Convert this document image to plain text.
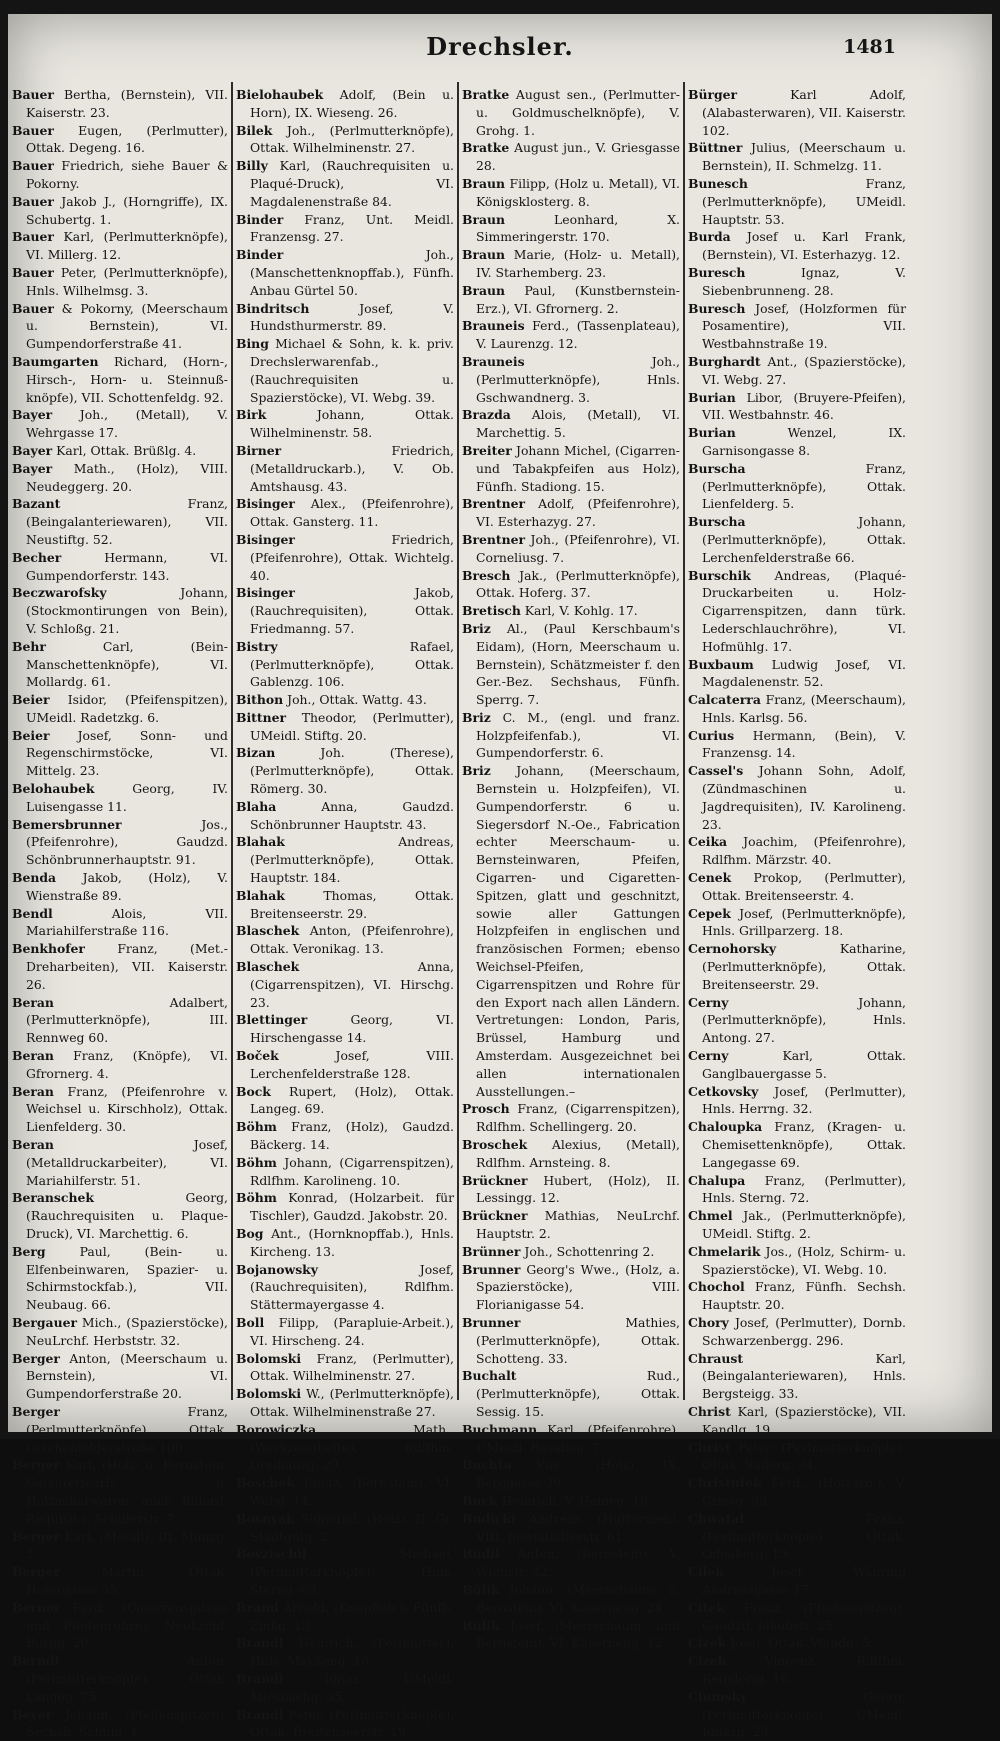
Drechsler.	1481

Bauer Bertha, (Bernstein), VII. Kaiserstr. 23.

Bauer Eugen, (Perlmutter), Ottak. Degeng. 16.

Bauer Friedrich, siehe Bauer & Pokorny.

Bauer Jakob J., (Horngriffe), IX. Schubertg. 1.

Bauer Karl, (Perlmutterknöpfe), VI. Millerg. 12.

Bauer Peter, (Perlmutterknöpfe), Hnls. Wilhelmsg. 3.

Bauer & Pokorny, (Meerschaum u. Bernstein), VI. Gumpendorferstraße 41.

Baumgarten Richard, (Horn-, Hirsch-, Horn- u. Steinnuß-knöpfe), VII. Schottenfeldg. 92.

Bayer Joh., (Metall), V. Wehrgasse 17.

Bayer Karl, Ottak. Brüßlg. 4.

Bayer Math., (Holz), VIII. Neudeggerg. 20.

Bazant Franz, (Beingalanteriewaren), VII. Neustiftg. 52.

Becher Hermann, VI. Gumpendorferstr. 143.

Beczwarofsky Johann, (Stockmontirungen von Bein), V. Schloßg. 21.

Behr Carl, (Bein-Manschettenknöpfe), VI. Mollardg. 61.

Beier Isidor, (Pfeifenspitzen), UMeidl. Radetzkg. 6.

Beier Josef, Sonn- und Regenschirmstöcke, VI. Mittelg. 23.

Belohaubek Georg, IV. Luisengasse 11.

Bemersbrunner Jos., (Pfeifenrohre), Gaudzd. Schönbrunnerhauptstr. 91.

Benda Jakob, (Holz), V. Wienstraße 89.

Bendl Alois, VII. Mariahilferstraße 116.

Benkhofer Franz, (Met.-Dreharbeiten), VII. Kaiserstr. 26.

Beran Adalbert, (Perlmutterknöpfe), III. Rennweg 60.

Beran Franz, (Knöpfe), VI. Gfrornerg. 4.

Beran Franz, (Pfeifenrohre v. Weichsel u. Kirschholz), Ottak. Lienfelderg. 30.

Beran Josef, (Metalldruckarbeiter), VI. Mariahilferstr. 51.

Beranschek Georg, (Rauchrequisiten u. Plaque-Druck), VI. Marchettig. 6.

Berg Paul, (Bein- u. Elfenbeinwaren, Spazier- u. Schirmstockfab.), VII. Neubaug. 66.

Bergauer Mich., (Spazierstöcke), NeuLrchf. Herbststr. 32.

Berger Anton, (Meerschaum u. Bernstein), VI. Gumpendorferstraße 20.

Berger Franz, (Perlmutterknöpfe), Ottak. Lerchenfelderstraße 100.

Berger Karl, (Holz- u. Bernstein-Galanteriearb. u. Holzachatwaren, auch Billard-Requisit.), Schulerstr. 7.

Berger Karl, (Metall), III. Münzg. 3.

Berger Martin, Ottak. Hofergasse 35.

Berner Ferd., (Cigarrenspitzen und Pfeifenrohre), NeuLrchf. Burgg. 20.

Berndt Anton, (Perlmutterknöpfe), Ottak. Langeg. 75.

Beyer Johann, (Pfeifenspitzen), Sechsh. Schulg. 1.

Bielohaubek Adolf, (Bein u. Horn), IX. Wieseng. 26.

Bilek Joh., (Perlmutterknöpfe), Ottak. Wilhelminenstr. 27.

Billy Karl, (Rauchrequisiten u. Plaqué-Druck), VI. Magdalenenstraße 84.

Binder Franz, Unt. Meidl. Franzensg. 27.

Binder Joh., (Manschettenknopffab.), Fünfh. Anbau Gürtel 50.

Bindritsch Josef, V. Hundsthurmerstr. 89.

Bing Michael & Sohn, k. k. priv. Drechslerwarenfab., (Rauchrequisiten u. Spazierstöcke), VI. Webg. 39.

Birk Johann, Ottak. Wilhelminenstr. 58.

Birner Friedrich, (Metalldruckarb.), V. Ob. Amtshausg. 43.

Bisinger Alex., (Pfeifenrohre), Ottak. Gansterg. 11.

Bisinger Friedrich, (Pfeifenrohre), Ottak. Wichtelg. 40.

Bisinger Jakob, (Rauchrequisiten), Ottak. Friedmanng. 57.

Bistry Rafael, (Perlmutterknöpfe), Ottak. Gablenzg. 106.

Bithon Joh., Ottak. Wattg. 43.

Bittner Theodor, (Perlmutter), UMeidl. Stiftg. 20.

Bizan Joh. (Therese), (Perlmutterknöpfe), Ottak. Römerg. 30.

Blaha Anna, Gaudzd. Schönbrunner Hauptstr. 43.

Blahak Andreas, (Perlmutterknöpfe), Ottak. Hauptstr. 184.

Blahak Thomas, Ottak. Breitenseerstr. 29.

Blaschek Anton, (Pfeifenrohre), Ottak. Veronikag. 13.

Blaschek Anna, (Cigarrenspitzen), VI. Hirschg. 23.

Blettinger Georg, VI. Hirschengasse 14.

Boček Josef, VIII. Lerchenfelderstraße 128.

Bock Rupert, (Holz), Ottak. Langeg. 69.

Böhm Franz, (Holz), Gaudzd. Bäckerg. 14.

Böhm Johann, (Cigarrenspitzen), Rdlfhm. Karolineng. 10.

Böhm Konrad, (Holzarbeit. für Tischler), Gaudzd. Jakobstr. 20.

Bog Ant., (Hornknopffab.), Hnls. Kircheng. 13.

Bojanowsky Josef, (Rauchrequisiten), Rdlfhm. Stättermayergasse 4.

Boll Filipp, (Parapluie-Arbeit.), VI. Hirscheng. 24.

Bolomski Franz, (Perlmutter), Ottak. Wilhelminenstr. 27.

Bolomski W., (Perlmutterknöpfe), Ottak. Wilhelminenstraße 27.

Borowiczka Math., (Werkzeughefte), Rdlfhm. Dreihausg. 29.

Boschek Ignaz, (Bernstein), VI. Webg. 14.

Bosnyak Sigmund, (Holz), II. Gr. Stadtgutg. 2.

Bovzischil Michael, (Perlmutterknöpfe), Hnls. Sterng. 68.

Brand Arnold, (Knopffab.), Fünfh. Zinkg. 13.

Brandl Heinrich, (Perlmutter), Hnls. Mayßeng. 16.

Brandl Ignaz, UMeidl. Miesbachg. 35.

Brandl Peter, (Perlmutterknöpfe), Ottak. Breitenseerstr. 19.

Bratke August sen., (Perlmutter- u. Goldmuschelknöpfe), V. Grohg. 1.

Bratke August jun., V. Griesgasse 28.

Braun Filipp, (Holz u. Metall), VI. Königsklosterg. 8.

Braun Leonhard, X. Simmeringerstr. 170.

Braun Marie, (Holz- u. Metall), IV. Starhemberg. 23.

Braun Paul, (Kunstbernstein-Erz.), VI. Gfrornerg. 2.

Brauneis Ferd., (Tassenplateau), V. Laurenzg. 12.

Brauneis Joh., (Perlmutterknöpfe), Hnls. Gschwandnerg. 3.

Brazda Alois, (Metall), VI. Marchettig. 5.

Breiter Johann Michel, (Cigarren- und Tabakpfeifen aus Holz), Fünfh. Stadiong. 15.

Brentner Adolf, (Pfeifenrohre), VI. Esterhazyg. 27.

Brentner Joh., (Pfeifenrohre), VI. Corneliusg. 7.

Bresch Jak., (Perlmutterknöpfe), Ottak. Hoferg. 37.

Bretisch Karl, V. Kohlg. 17.

Briz Al., (Paul Kerschbaum's Eidam), (Horn, Meerschaum u. Bernstein), Schätzmeister f. den Ger.-Bez. Sechshaus, Fünfh. Sperrg. 7.

Briz C. M., (engl. und franz. Holzpfeifenfab.), VI. Gumpendorferstr. 6.

Briz Johann, (Meerschaum, Bernstein u. Holzpfeifen), VI. Gumpendorferstr. 6 u. Siegersdorf N.-Oe., Fabrication echter Meerschaum- u. Bernsteinwaren, Pfeifen, Cigarren- und Cigaretten-Spitzen, glatt und geschnitzt, sowie aller Gattungen Holzpfeifen in englischen und französischen Formen; ebenso Weichsel-Pfeifen, Cigarrenspitzen und Rohre für den Export nach allen Ländern. Vertretungen: London, Paris, Brüssel, Hamburg und Amsterdam. Ausgezeichnet bei allen internationalen Ausstellungen.–

Prosch Franz, (Cigarrenspitzen), Rdlfhm. Schellingerg. 20.

Broschek Alexius, (Metall), Rdlfhm. Arnsteing. 8.

Brückner Hubert, (Holz), II. Lessingg. 12.

Brückner Mathias, NeuLrchf. Hauptstr. 2.

Brünner Joh., Schottenring 2.

Brunner Georg's Wwe., (Holz, a. Spazierstöcke), VIII. Florianigasse 54.

Brunner Mathies, (Perlmutterknöpfe), Ottak. Schotteng. 33.

Buchalt Rud., (Perlmutterknöpfe), Ottak. Sessig. 15.

Buchmann Karl, (Pfeifenrohre), UMeidl. Rosaliag. 7.

Buchta Vinc., (Holz), IX. Berggasse 39.

Buck Heinrich, V. Heineg. 18.

Budicki Andreas, (Hutformen), VIII. Josefstädterstr. 61.

Budil Anton, (Bernstein), V. Wienstr. 32.

Bülik Johann, (Meerschaum- u. Bernstein), VI. Kaserneng. 24.

Bülik Josef, (Meerschaum- und Bernstein), VI. Kaserneng. 12.

Bürger Karl Adolf, (Alabasterwaren), VII. Kaiserstr. 102.

Büttner Julius, (Meerschaum u. Bernstein), II. Schmelzg. 11.

Bunesch Franz, (Perlmutterknöpfe), UMeidl. Hauptstr. 53.

Burda Josef u. Karl Frank, (Bernstein), VI. Esterhazyg. 12.

Buresch Ignaz, V. Siebenbrunneng. 28.

Buresch Josef, (Holzformen für Posamentire), VII. Westbahnstraße 19.

Burghardt Ant., (Spazierstöcke), VI. Webg. 27.

Burian Libor, (Bruyere-Pfeifen), VII. Westbahnstr. 46.

Burian Wenzel, IX. Garnisongasse 8.

Burscha Franz, (Perlmutterknöpfe), Ottak. Lienfelderg. 5.

Burscha Johann, (Perlmutterknöpfe), Ottak. Lerchenfelderstraße 66.

Burschik Andreas, (Plaqué-Druckarbeiten u. Holz-Cigarrenspitzen, dann türk. Lederschlauchröhre), VI. Hofmühlg. 17.

Buxbaum Ludwig Josef, VI. Magdalenenstr. 52.

Calcaterra Franz, (Meerschaum), Hnls. Karlsg. 56.

Curius Hermann, (Bein), V. Franzensg. 14.

Cassel's Johann Sohn, Adolf, (Zündmaschinen u. Jagdrequisiten), IV. Karolineng. 23.

Ceika Joachim, (Pfeifenrohre), Rdlfhm. Märzstr. 40.

Cenek Prokop, (Perlmutter), Ottak. Breitenseerstr. 4.

Cepek Josef, (Perlmutterknöpfe), Hnls. Grillparzerg. 18.

Cernohorsky Katharine, (Perlmutterknöpfe), Ottak. Breitenseerstr. 29.

Cerny Johann, (Perlmutterknöpfe), Hnls. Antong. 27.

Cerny Karl, Ottak. Ganglbauergasse 5.

Cetkovsky Josef, (Perlmutter), Hnls. Herrng. 32.

Chaloupka Franz, (Kragen- u. Chemisettenknöpfe), Ottak. Langegasse 69.

Chalupa Franz, (Perlmutter), Hnls. Sterng. 72.

Chmel Jak., (Perlmutterknöpfe), UMeidl. Stiftg. 2.

Chmelarik Jos., (Holz, Schirm- u. Spazierstöcke), VI. Webg. 10.

Chochol Franz, Fünfh. Sechsh. Hauptstr. 20.

Chory Josef, (Perlmutter), Dornb. Schwarzenbergg. 296.

Chraust Karl, (Beingalanteriewaren), Hnls. Bergsteigg. 33.

Christ Karl, (Spazierstöcke), VII. Kandlg. 19.

Christ Peter, (Perlmutterknöpfe), Ottak. Sailerg. 34.

Christufek Ferd., (Holzarb.), V. Griesg. 33.

Chwatal Franz, (Perlmutterknöpfe), Ottak. Odoakerg. 19.

Cilek Josef, Währing Andreasgasse 17.

Citek Franz, (Pfeifenspitzen), Gaudzd. Jakobstr. 25.

Cizek Josef, Ottak. Wendg. 5.

Cizek Vincenz, Rdlfhm. Reindorfg. 18.

Clumsky Georg, (Perlmutterknöpfe), UMeidl. Ignazg. 23.
